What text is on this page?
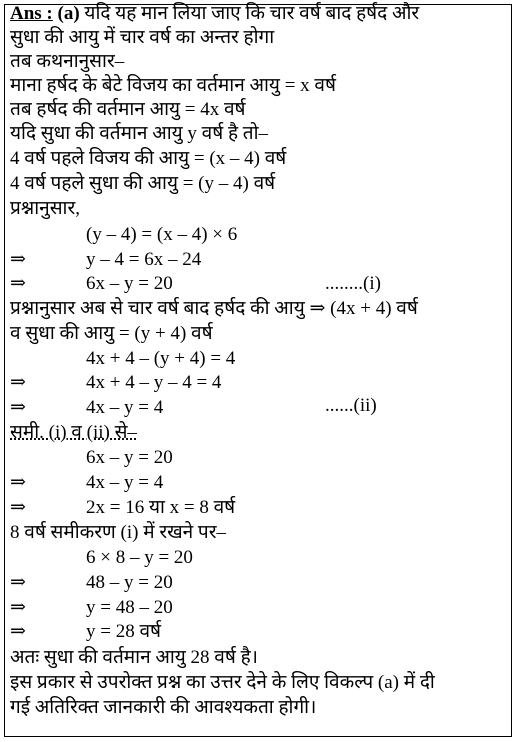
Ans : (a) यदि यह मान लिया जाए कि चार वर्ष बाद हर्षद और
सुधा की आयु में चार वर्ष का अन्तर होगा
तब कथनानुसार–
माना हर्षद के बेटे विजय का वर्तमान आयु = x वर्ष
तब हर्षद की वर्तमान आयु = 4x वर्ष
यदि सुधा की वर्तमान आयु y वर्ष है तो–
4 वर्ष पहले विजय की आयु = (x – 4) वर्ष
4 वर्ष पहले सुधा की आयु = (y – 4) वर्ष
प्रश्नानुसार,
(y – 4) = (x – 4) × 6
⇒	y – 4 = 6x – 24
⇒	6x – y = 20	........(i)
प्रश्नानुसार अब से चार वर्ष बाद हर्षद की आयु ⇒ (4x + 4) वर्ष
व सुधा की आयु = (y + 4) वर्ष
4x + 4 – (y + 4) = 4
⇒	4x + 4 – y – 4 = 4
⇒	4x – y = 4	......(ii)
समी. (i) व (ii) से–
6x – y = 20
⇒	4x – y = 4
⇒	2x = 16 या x = 8 वर्ष
8 वर्ष समीकरण (i) में रखने पर–
6 × 8 – y = 20
⇒	48 – y = 20
⇒	y = 48 – 20
⇒	y = 28 वर्ष
अतः सुधा की वर्तमान आयु 28 वर्ष है।
इस प्रकार से उपरोक्त प्रश्न का उत्तर देने के लिए विकल्प (a) में दी
गई अतिरिक्त जानकारी की आवश्यकता होगी।
